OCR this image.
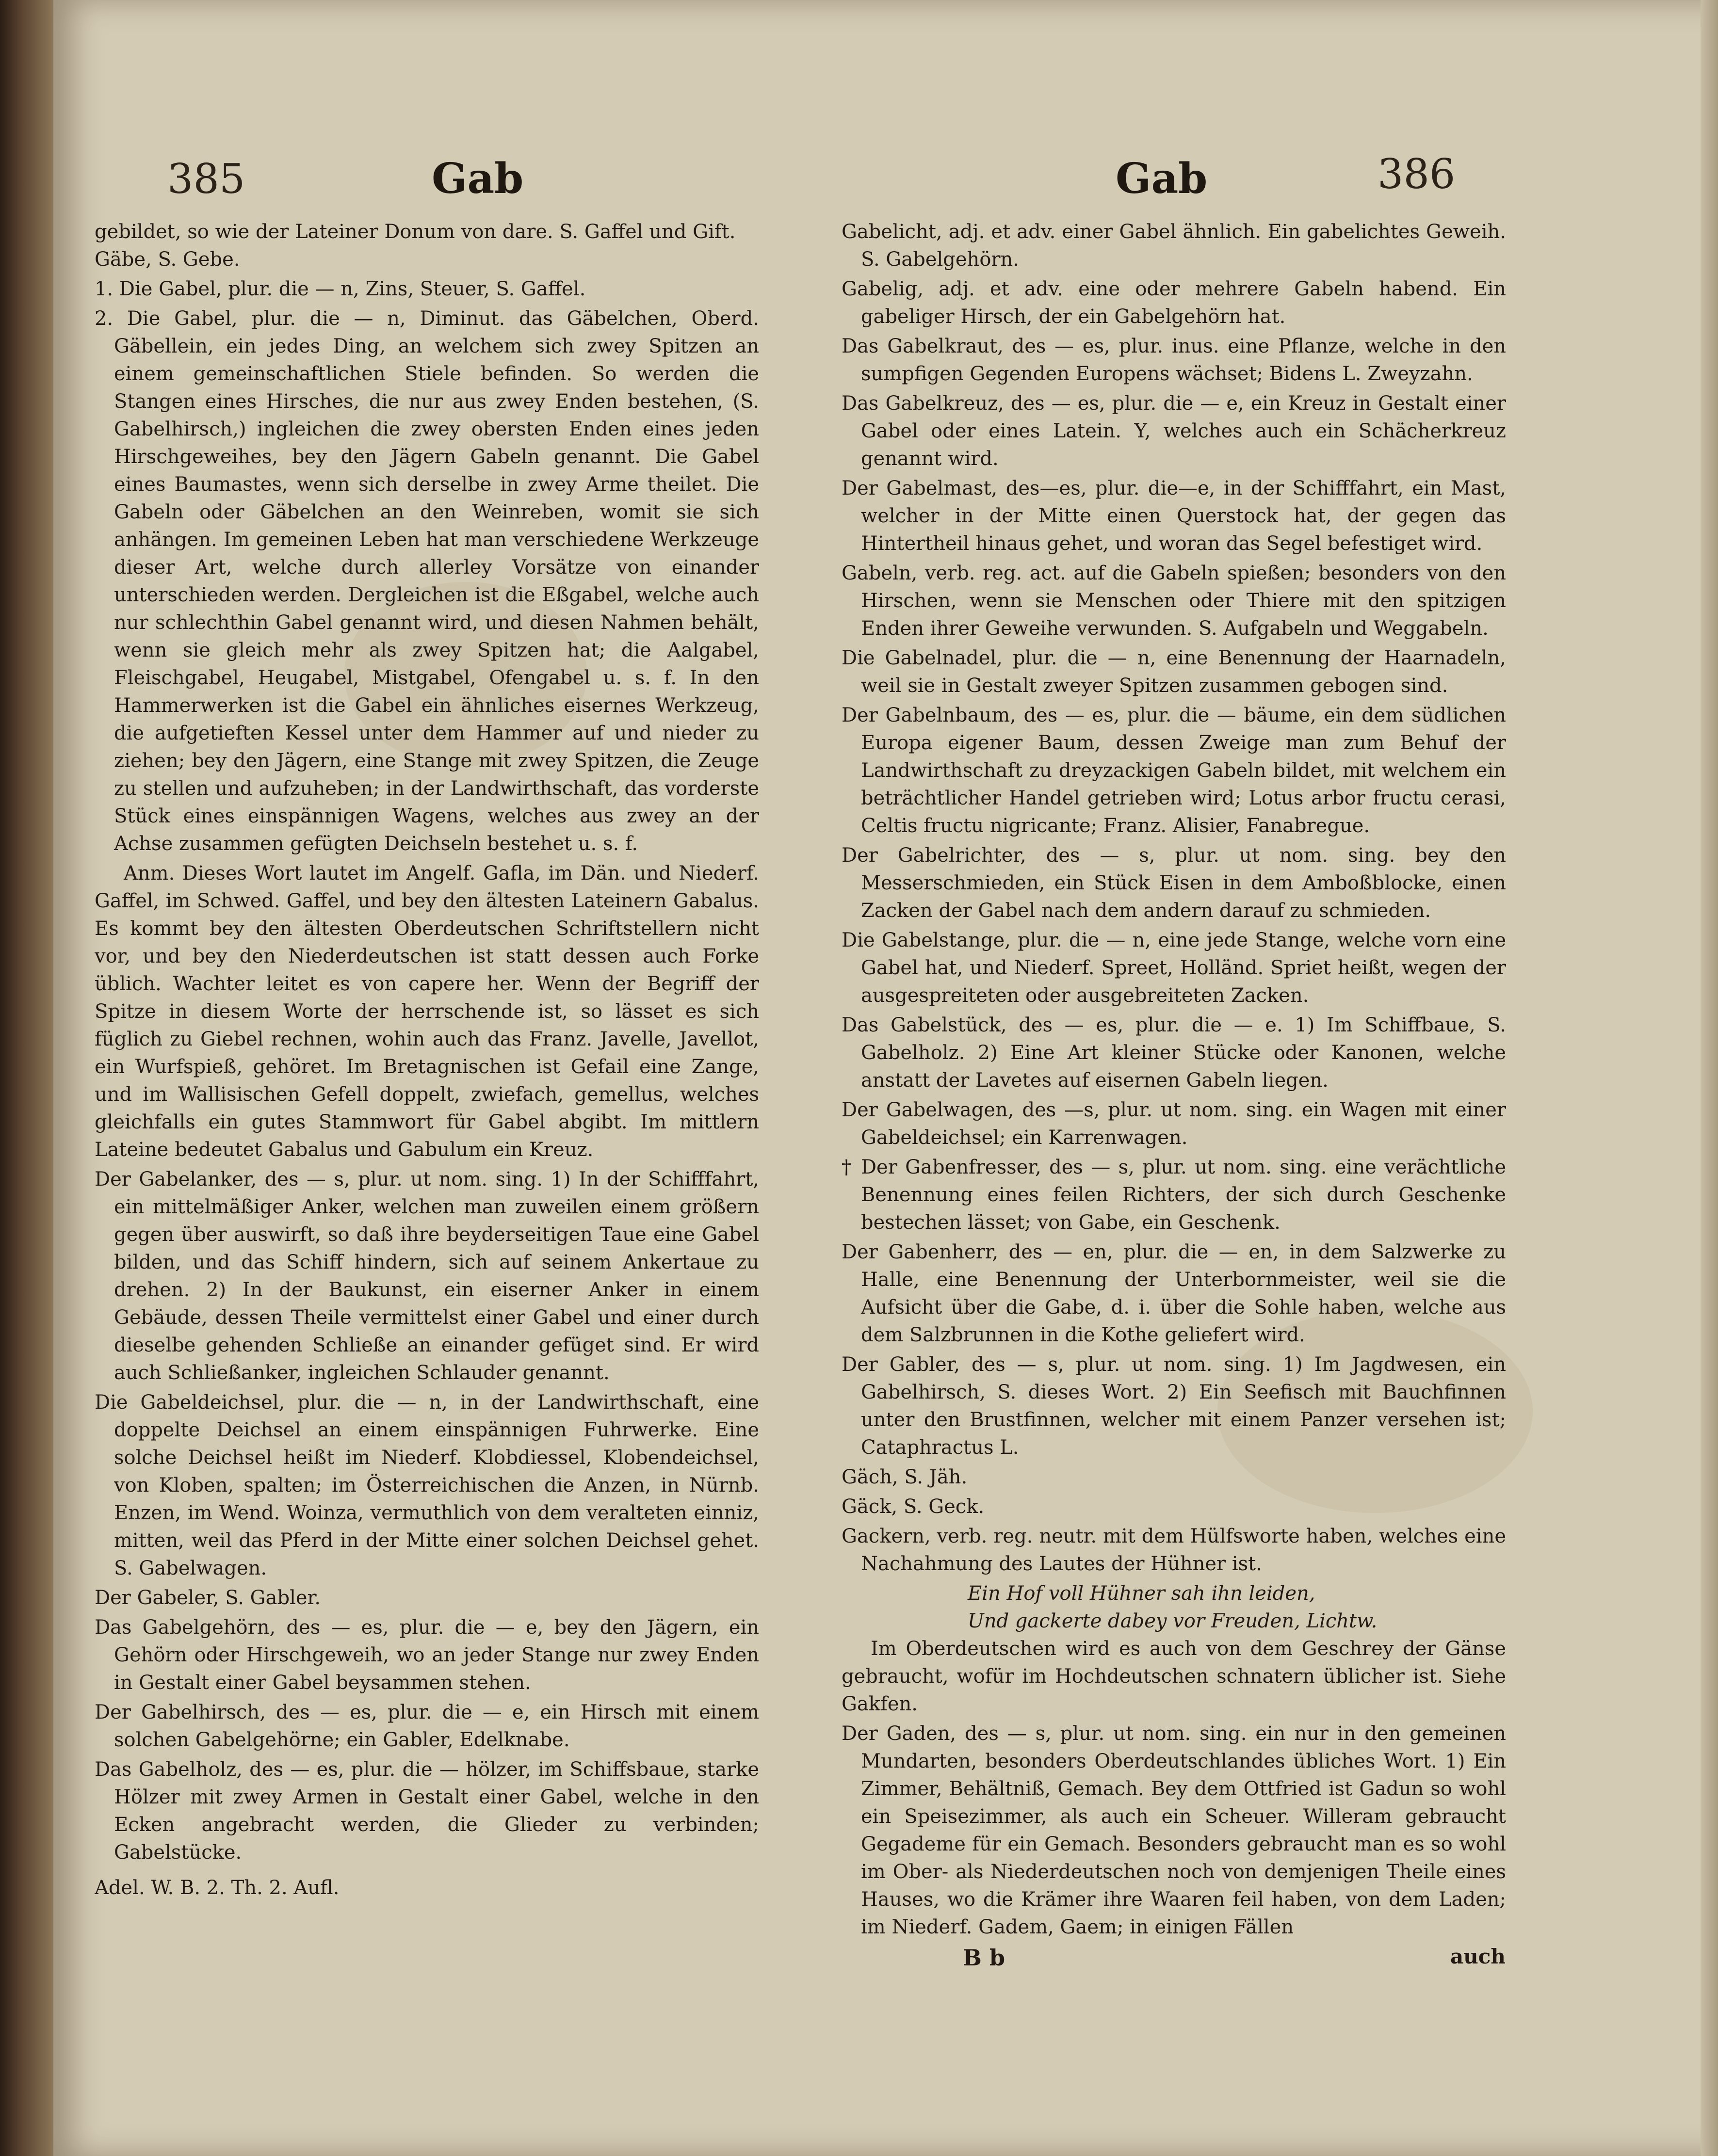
385	Gab	Gab	386

gebildet, so wie der Lateiner Donum von dare. S. Gaffel und Gift.

Gäbe, S. Gebe.

1. Die Gabel, plur. die — n, Zins, Steuer, S. Gaffel.

2. Die Gabel, plur. die — n, Diminut. das Gäbelchen, Oberd. Gäbellein, ein jedes Ding, an welchem sich zwey Spitzen an einem gemeinschaftlichen Stiele befinden. So werden die Stangen eines Hirsches, die nur aus zwey Enden bestehen, (S. Gabelhirsch,) ingleichen die zwey obersten Enden eines jeden Hirschgeweihes, bey den Jägern Gabeln genannt. Die Gabel eines Baumastes, wenn sich derselbe in zwey Arme theilet. Die Gabeln oder Gäbelchen an den Weinreben, womit sie sich anhängen. Im gemeinen Leben hat man verschiedene Werkzeuge dieser Art, welche durch allerley Vorsätze von einander unterschieden werden. Dergleichen ist die Eßgabel, welche auch nur schlechthin Gabel genannt wird, und diesen Nahmen behält, wenn sie gleich mehr als zwey Spitzen hat; die Aalgabel, Fleischgabel, Heugabel, Mistgabel, Ofengabel u. s. f. In den Hammerwerken ist die Gabel ein ähnliches eisernes Werkzeug, die aufgetieften Kessel unter dem Hammer auf und nieder zu ziehen; bey den Jägern, eine Stange mit zwey Spitzen, die Zeuge zu stellen und aufzuheben; in der Landwirthschaft, das vorderste Stück eines einspännigen Wagens, welches aus zwey an der Achse zusammen gefügten Deichseln bestehet u. s. f.

Anm. Dieses Wort lautet im Angelf. Gafla, im Dän. und Niederf. Gaffel, im Schwed. Gaffel, und bey den ältesten Lateinern Gabalus. Es kommt bey den ältesten Oberdeutschen Schriftstellern nicht vor, und bey den Niederdeutschen ist statt dessen auch Forke üblich. Wachter leitet es von capere her. Wenn der Begriff der Spitze in diesem Worte der herrschende ist, so lässet es sich füglich zu Giebel rechnen, wohin auch das Franz. Javelle, Javellot, ein Wurfspieß, gehöret. Im Bretagnischen ist Gefail eine Zange, und im Wallisischen Gefell doppelt, zwiefach, gemellus, welches gleichfalls ein gutes Stammwort für Gabel abgibt. Im mittlern Lateine bedeutet Gabalus und Gabulum ein Kreuz.

Der Gabelanker, des — s, plur. ut nom. sing. 1) In der Schifffahrt, ein mittelmäßiger Anker, welchen man zuweilen einem größern gegen über auswirft, so daß ihre beyderseitigen Taue eine Gabel bilden, und das Schiff hindern, sich auf seinem Ankertaue zu drehen. 2) In der Baukunst, ein eiserner Anker in einem Gebäude, dessen Theile vermittelst einer Gabel und einer durch dieselbe gehenden Schließe an einander gefüget sind. Er wird auch Schließanker, ingleichen Schlauder genannt.

Die Gabeldeichsel, plur. die — n, in der Landwirthschaft, eine doppelte Deichsel an einem einspännigen Fuhrwerke. Eine solche Deichsel heißt im Niederf. Klobdiessel, Klobendeichsel, von Kloben, spalten; im Österreichischen die Anzen, in Nürnb. Enzen, im Wend. Woinza, vermuthlich von dem veralteten einniz, mitten, weil das Pferd in der Mitte einer solchen Deichsel gehet. S. Gabelwagen.

Der Gabeler, S. Gabler.

Das Gabelgehörn, des — es, plur. die — e, bey den Jägern, ein Gehörn oder Hirschgeweih, wo an jeder Stange nur zwey Enden in Gestalt einer Gabel beysammen stehen.

Der Gabelhirsch, des — es, plur. die — e, ein Hirsch mit einem solchen Gabelgehörne; ein Gabler, Edelknabe.

Das Gabelholz, des — es, plur. die — hölzer, im Schiffsbaue, starke Hölzer mit zwey Armen in Gestalt einer Gabel, welche in den Ecken angebracht werden, die Glieder zu verbinden; Gabelstücke.

Adel. W. B. 2. Th. 2. Aufl.

Gabelicht, adj. et adv. einer Gabel ähnlich. Ein gabelichtes Geweih. S. Gabelgehörn.

Gabelig, adj. et adv. eine oder mehrere Gabeln habend. Ein gabeliger Hirsch, der ein Gabelgehörn hat.

Das Gabelkraut, des — es, plur. inus. eine Pflanze, welche in den sumpfigen Gegenden Europens wächset; Bidens L. Zweyzahn.

Das Gabelkreuz, des — es, plur. die — e, ein Kreuz in Gestalt einer Gabel oder eines Latein. Y, welches auch ein Schächerkreuz genannt wird.

Der Gabelmast, des—es, plur. die—e, in der Schifffahrt, ein Mast, welcher in der Mitte einen Querstock hat, der gegen das Hintertheil hinaus gehet, und woran das Segel befestiget wird.

Gabeln, verb. reg. act. auf die Gabeln spießen; besonders von den Hirschen, wenn sie Menschen oder Thiere mit den spitzigen Enden ihrer Geweihe verwunden. S. Aufgabeln und Weggabeln.

Die Gabelnadel, plur. die — n, eine Benennung der Haarnadeln, weil sie in Gestalt zweyer Spitzen zusammen gebogen sind.

Der Gabelnbaum, des — es, plur. die — bäume, ein dem südlichen Europa eigener Baum, dessen Zweige man zum Behuf der Landwirthschaft zu dreyzackigen Gabeln bildet, mit welchem ein beträchtlicher Handel getrieben wird; Lotus arbor fructu cerasi, Celtis fructu nigricante; Franz. Alisier, Fanabregue.

Der Gabelrichter, des — s, plur. ut nom. sing. bey den Messerschmieden, ein Stück Eisen in dem Amboßblocke, einen Zacken der Gabel nach dem andern darauf zu schmieden.

Die Gabelstange, plur. die — n, eine jede Stange, welche vorn eine Gabel hat, und Niederf. Spreet, Holländ. Spriet heißt, wegen der ausgespreiteten oder ausgebreiteten Zacken.

Das Gabelstück, des — es, plur. die — e. 1) Im Schiffbaue, S. Gabelholz. 2) Eine Art kleiner Stücke oder Kanonen, welche anstatt der Lavetes auf eisernen Gabeln liegen.

Der Gabelwagen, des —s, plur. ut nom. sing. ein Wagen mit einer Gabeldeichsel; ein Karrenwagen.

† Der Gabenfresser, des — s, plur. ut nom. sing. eine verächtliche Benennung eines feilen Richters, der sich durch Geschenke bestechen lässet; von Gabe, ein Geschenk.

Der Gabenherr, des — en, plur. die — en, in dem Salzwerke zu Halle, eine Benennung der Unterbornmeister, weil sie die Aufsicht über die Gabe, d. i. über die Sohle haben, welche aus dem Salzbrunnen in die Kothe geliefert wird.

Der Gabler, des — s, plur. ut nom. sing. 1) Im Jagdwesen, ein Gabelhirsch, S. dieses Wort. 2) Ein Seefisch mit Bauchfinnen unter den Brustfinnen, welcher mit einem Panzer versehen ist; Cataphractus L.

Gäch, S. Jäh.

Gäck, S. Geck.

Gackern, verb. reg. neutr. mit dem Hülfsworte haben, welches eine Nachahmung des Lautes der Hühner ist.

Ein Hof voll Hühner sah ihn leiden,

Und gackerte dabey vor Freuden, Lichtw.

Im Oberdeutschen wird es auch von dem Geschrey der Gänse gebraucht, wofür im Hochdeutschen schnatern üblicher ist. Siehe Gakfen.

Der Gaden, des — s, plur. ut nom. sing. ein nur in den gemeinen Mundarten, besonders Oberdeutschlandes übliches Wort. 1) Ein Zimmer, Behältniß, Gemach. Bey dem Ottfried ist Gadun so wohl ein Speisezimmer, als auch ein Scheuer. Willeram gebraucht Gegademe für ein Gemach. Besonders gebraucht man es so wohl im Ober- als Niederdeutschen noch von demjenigen Theile eines Hauses, wo die Krämer ihre Waaren feil haben, von dem Laden; im Niederf. Gadem, Gaem; in einigen Fällen

B b	auch
